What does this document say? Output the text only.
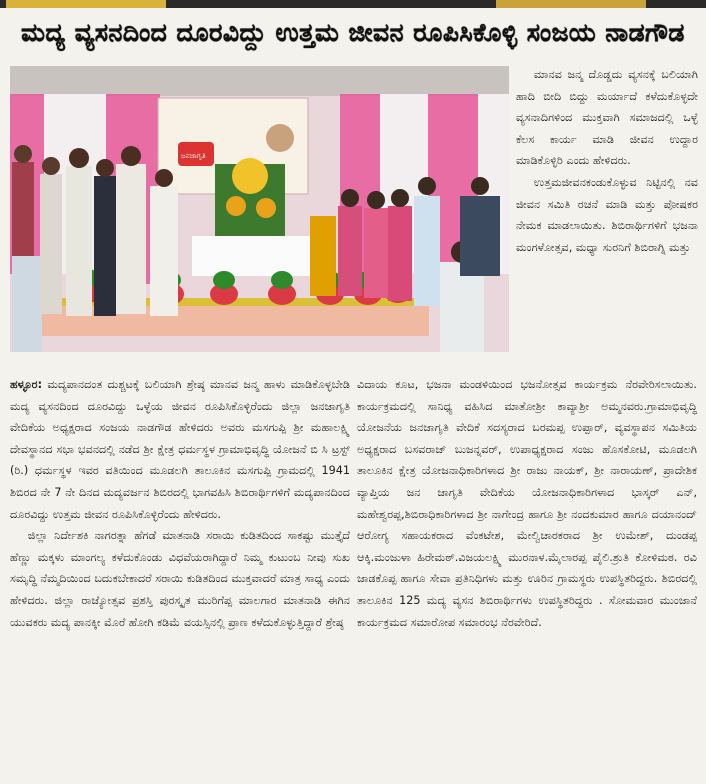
ಮದ್ಯ ವ್ಯಸನದಿಂದ ದೂರವಿದ್ದು ಉತ್ತಮ ಜೀವನ ರೂಪಿಸಿಕೊಳ್ಳಿ ಸಂಜಯ ನಾಡಗೌಡ
ಜನಜಾಗೃತಿ

ಮಾನವ ಜನ್ಮ ದೊಡ್ಡದು ವ್ಯಸನಕ್ಕೆ ಬಲಿಯಾಗಿ ಹಾದಿ ಬೀದಿ ಬಿದ್ದು ಮರ್ಯಾದೆ ಕಳೆದುಕೊಳ್ಳದೇ ವ್ಯಸನಾದಿಗಳಿಂದ ಮುಕ್ತವಾಗಿ ಸಮಾಜದಲ್ಲಿ ಒಳ್ಳೆ ಕೆಲಸ ಕಾರ್ಯ ಮಾಡಿ ಜೀವನ ಉದ್ದಾರ ಮಾಡಿಕೊಳ್ಳಿರಿ ಎಂದು ಹೇಳಿದರು.

ಉತ್ತಮಜೀವನಕಂಡುಕೊಳ್ಳುವ ನಿಟ್ಟಿನಲ್ಲಿ ನವ ಜೀವನ ಸಮಿತಿ ರಚನೆ ಮಾಡಿ ಮತ್ತು ಪೋಷಕರ ನೇಮಕ ಮಾಡಲಾಯಿತು. ಶಿಬಿರಾರ್ಥಿಗಳಿಗೆ ಭಜನಾ ಮಂಗಳೋತ್ಸವ, ಮಧ್ಯಾ ಸುರನಿಗೆ ಶಿಬಿರಾಗ್ನಿ ಮತ್ತು

ಹಳ್ಳೂರ: ಮದ್ಯಪಾನದಂತ ದುಶ್ಚಟಕ್ಕೆ ಬಲಿಯಾಗಿ ಶ್ರೇಷ್ಠ ಮಾನವ ಜನ್ಮ ಹಾಳು ಮಾಡಿಕೊಳ್ಳಬೇಡಿ ಮದ್ಯ ವ್ಯಸನದಿಂದ ದೂರವಿದ್ದು ಒಳ್ಳೆಯ ಜೀವನ ರೂಪಿಸಿಕೊಳ್ಳಿರೆಂದು ಜಿಲ್ಲಾ ಜನಜಾಗೃತಿ ವೇದಿಕೆಯ ಅಧ್ಯಕ್ಷರಾದ ಸಂಜಯ ನಾಡಗೌಡ ಹೇಳಿದರು ಅವರು ಮಸಗುಪ್ಪಿ ಶ್ರೀ ಮಹಾಲಕ್ಷ್ಮಿ ದೇವಸ್ಥಾನದ ಸಭಾ ಭವನದಲ್ಲಿ ನಡೆದ ಶ್ರೀ ಕ್ಷೇತ್ರ ಧರ್ಮಸ್ಥಳ ಗ್ರಾಮಾಭಿವೃದ್ಧಿ ಯೋಜನೆ ಬಿ ಸಿ ಟ್ರಸ್ಟ್ (ರಿ.) ಧರ್ಮಸ್ಥಳ ಇವರ ವತಿಯಿಂದ ಮೂಡಲಗಿ ತಾಲೂಕಿನ ಮಸಗುಪ್ಪಿ ಗ್ರಾಮದಲ್ಲಿ 1941 ಶಿಬಿರದ ನೇ 7 ನೇ ದಿನದ ಮದ್ಯವರ್ಜನ ಶಿಬಿರದಲ್ಲಿ ಭಾಗವಹಿಸಿ ಶಿಬಿರಾರ್ಥಿಗಳಿಗೆ ಮದ್ಯಪಾನದಿಂದ ದೂರವಿದ್ದು ಉತ್ತಮ ಜೀವನ ರೂಪಿಸಿಕೊಳ್ಳಿರೆಂದು ಹೇಳಿದರು.

ಜಿಲ್ಲಾ ನಿರ್ದೇಶಕಿ ನಾಗರತ್ನಾ ಹೆಗಡೆ ಮಾತನಾಡಿ ಸರಾಯಿ ಕುಡಿತದಿಂದ ಸಾಕಷ್ಟು ಮುತ್ತೈದೆ ಹೆಣ್ಣು ಮಕ್ಕಳು ಮಾಂಗಲ್ಯ ಕಳೆದುಕೊಂಡು ವಿಧವೆಯರಾಗಿದ್ದಾರೆ ನಿಮ್ಮ ಕುಟುಂಬ ನೀವು ಸುಖ ಸಮೃದ್ಧಿ ನೆಮ್ಮದಿಯಿಂದ ಬದುಕಬೇಕಾದರೆ ಸರಾಯಿ ಕುಡಿತದಿಂದ ಮುಕ್ತವಾದರೆ ಮಾತ್ರ ಸಾಧ್ಯ ಎಂದು ಹೇಳಿದರು. ಜಿಲ್ಲಾ ರಾಜ್ಯೋತ್ಸವ ಪ್ರಶಸ್ತಿ ಪುರಸ್ಕೃತ ಮುರಿಗೆಪ್ಪ ಮಾಲಗಾರ ಮಾತನಾಡಿ ಈಗಿನ ಯುವಕರು ಮದ್ಯ ಪಾನಕ್ಕೀ ಮೊರೆ ಹೋಗಿ ಕಡಿಮೆ ವಯಸ್ಸಿನಲ್ಲಿ ಪ್ರಾಣ ಕಳೆದುಕೊಳ್ಳುತ್ತಿದ್ದಾರೆ ಶ್ರೇಷ್ಠ

ವಿದಾಯ ಕೂಟ, ಭಜನಾ ಮಂಡಳಿಯಿಂದ ಭಜನೋತ್ಸವ ಕಾರ್ಯಕ್ರಮ ನೆರವೇರಿಸಲಾಯಿತು. ಕಾರ್ಯಕ್ರಮದಲ್ಲಿ ಸಾನಿಧ್ಯ ವಹಿಸಿದ ಮಾತೋಶ್ರೀ ಕಾವ್ಯಾಶ್ರೀ ಅಮ್ಮನವರು.ಗ್ರಾಮಾಭಿವೃದ್ಧಿ ಯೋಜನೆಯ ಜನಜಾಗೃತಿ ವೇದಿಕೆ ಸದಸ್ಯರಾದ ಬರಮಪ್ಪ ಉಪ್ಪಾರ್, ವ್ಯವಸ್ಥಾಪನ ಸಮಿತಿಯ ಅಧ್ಯಕ್ಷರಾದ ಬಸವರಾಜ್ ಬುಜನ್ನವರ್, ಉಪಾಧ್ಯಕ್ಷರಾದ ಸಂಜು ಹೊಸಕೋಟಿ, ಮೂಡಲಗಿ ತಾಲೂಕಿನ ಕ್ಷೇತ್ರ ಯೋಜನಾಧಿಕಾರಿಗಳಾದ ಶ್ರೀ ರಾಜು ನಾಯಕ್, ಶ್ರೀ ನಾರಾಯಣ್, ಪ್ರಾದೇಶಿಕ ವ್ಯಾಪ್ತಿಯ ಜನ ಜಾಗೃತಿ ವೇದಿಕೆಯ ಯೋಜನಾಧಿಕಾರಿಗಳಾದ ಭಾಸ್ಕರ್ ಎನ್, ಮಹೇಶ್ವರಪ್ಪ,ಶಿಬಿರಾಧಿಕಾರಿಗಳಾದ ಶ್ರೀ ನಾಗೇಂದ್ರ ಹಾಗೂ ಶ್ರೀ ನಂದಕುಮಾರ ಹಾಗೂ ದಯಾನಂದ್ ಆರೋಗ್ಯ ಸಹಾಯಕರಾದ ವೆಂಕಟೇಶ, ಮೇಲ್ವಿಚಾರಕರಾದ ಶ್ರೀ ಉಮೇಶ್, ದುಂಡಪ್ಪ ಆಕ್ಕಿ.ಮಂಜುಳಾ ಹಿರೇಮಠ್.ವಿಜಯಲಕ್ಷ್ಮಿ ಮುರನಾಳ.ಮೈಲಾರಪ್ಪ ಪೈಲಿ.ಶ್ರುತಿ ಕೋಳಿಮಠ. ರವಿ ಜಾಡಕೊಪ್ಪ ಹಾಗೂ ಸೇವಾ ಪ್ರತಿನಿಧಿಗಳು ಮತ್ತು ಊರಿನ ಗ್ರಾಮಸ್ಥರು ಉಪಸ್ಥಿತರಿದ್ದರು. ಶಿಬಿರದಲ್ಲಿ ತಾಲೂಕಿನ 125 ಮದ್ಯ ವ್ಯಸನ ಶಿಬಿರಾರ್ಥಿಗಳು ಉಪಸ್ಥಿತರಿದ್ದರು . ಸೋಮವಾರ ಮುಂಜಾನೆ ಕಾರ್ಯಕ್ರಮದ ಸಮಾರೋಪ ಸಮಾರಂಭ ನೆರವೇರಿದೆ.
